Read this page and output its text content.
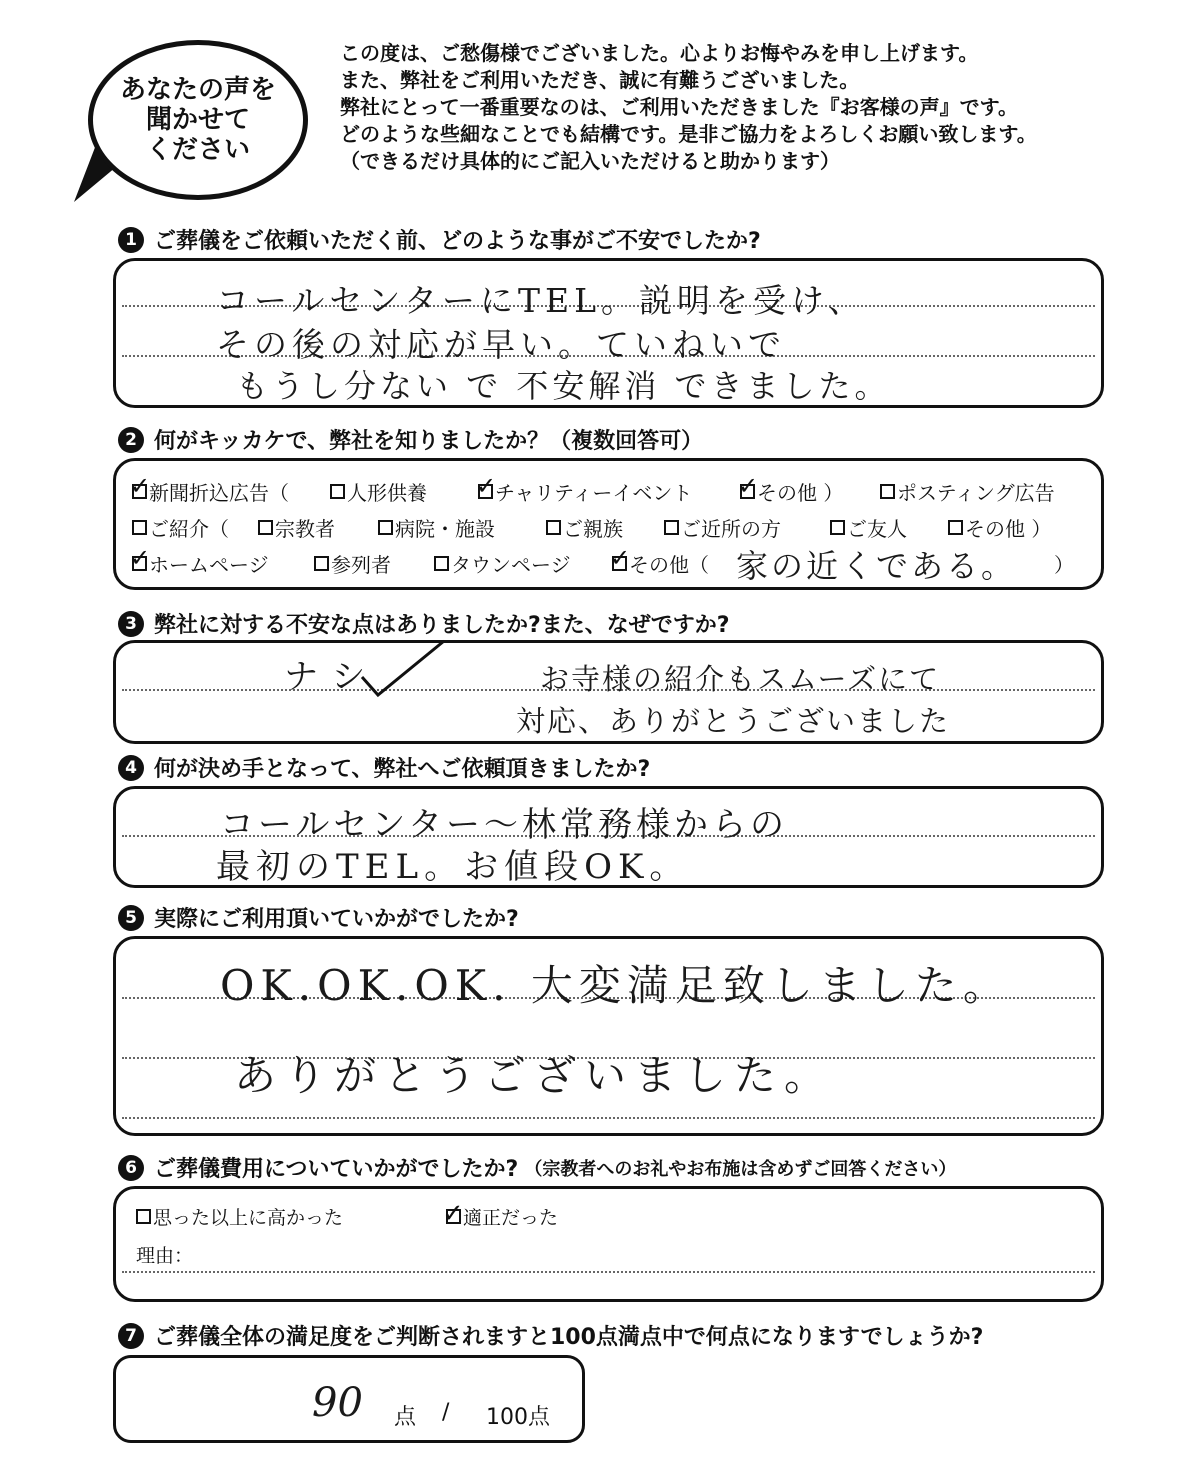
あなたの声を
聞かせて
ください
この度は、ご愁傷様でございました。心よりお悔やみを申し上げます。
また、弊社をご利用いただき、誠に有難うございました。
弊社にとって一番重要なのは、ご利用いただきました『お客様の声』です。
どのような些細なことでも結構です。是非ご協力をよろしくお願い致します。
（できるだけ具体的にご記入いただけると助かります）
1 ご葬儀をご依頼いただく前、どのような事がご不安でしたか?
コールセンターにTEL。説明を受け、
その後の対応が早い。ていねいで
もうし分ない で 不安解消 できました。
2 何がキッカケで、弊社を知りましたか？（複数回答可）
✓
新聞折込広告（	人形供養 ✓
チャリティーイベント ✓
その他 ）	ポスティング広告
ご紹介（ 宗教者	病院・施設	ご親族	ご近所の方	ご友人	その他 ）
✓
ホームページ	参列者	タウンページ ✓
その他（ 家の近くである。 ）
3 弊社に対する不安な点はありましたか?また、なぜですか?
ナシ	お寺様の紹介もスムーズにて
対応、ありがとうございました
4 何が決め手となって、弊社へご依頼頂きましたか?
コールセンター〜林常務様からの
最初のTEL。お値段OK。
5 実際にご利用頂いていかがでしたか?
OK.OK.OK. 大変満足致しました。
ありがとうございました。
6 ご葬儀費用についていかがでしたか? （宗教者へのお礼やお布施は含めずご回答ください）
思った以上に高かった	✓ 適正だった
理由：
7 ご葬儀全体の満足度をご判断されますと100点満点中で何点になりますでしょうか?
90 点 / 100点
